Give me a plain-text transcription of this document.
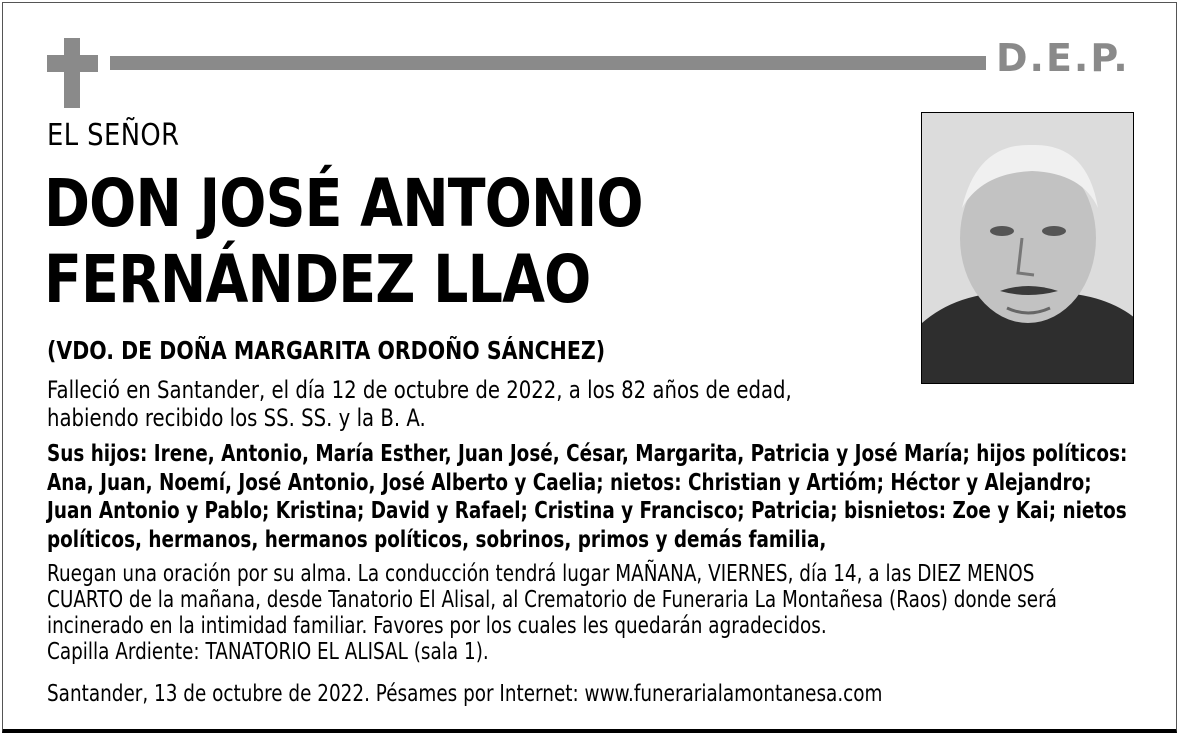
D.E.P.
EL SEÑOR
DON JOSÉ ANTONIO
FERNÁNDEZ LLAO
(VDO. DE DOÑA MARGARITA ORDOÑO SÁNCHEZ)
Falleció en Santander, el día 12 de octubre de 2022, a los 82 años de edad,
habiendo recibido los SS. SS. y la B. A.
Sus hijos: Irene, Antonio, María Esther, Juan José, César, Margarita, Patricia y José María; hijos políticos:
Ana, Juan, Noemí, José Antonio, José Alberto y Caelia; nietos: Christian y Artióm; Héctor y Alejandro;
Juan Antonio y Pablo; Kristina; David y Rafael; Cristina y Francisco; Patricia; bisnietos: Zoe y Kai; nietos
políticos, hermanos, hermanos políticos, sobrinos, primos y demás familia,
Ruegan una oración por su alma. La conducción tendrá lugar MAÑANA, VIERNES, día 14, a las DIEZ MENOS
CUARTO de la mañana, desde Tanatorio El Alisal, al Crematorio de Funeraria La Montañesa (Raos) donde será
incinerado en la intimidad familiar. Favores por los cuales les quedarán agradecidos.
Capilla Ardiente: TANATORIO EL ALISAL (sala 1).
Santander, 13 de octubre de 2022. Pésames por Internet: www.funerarialamontanesa.com
